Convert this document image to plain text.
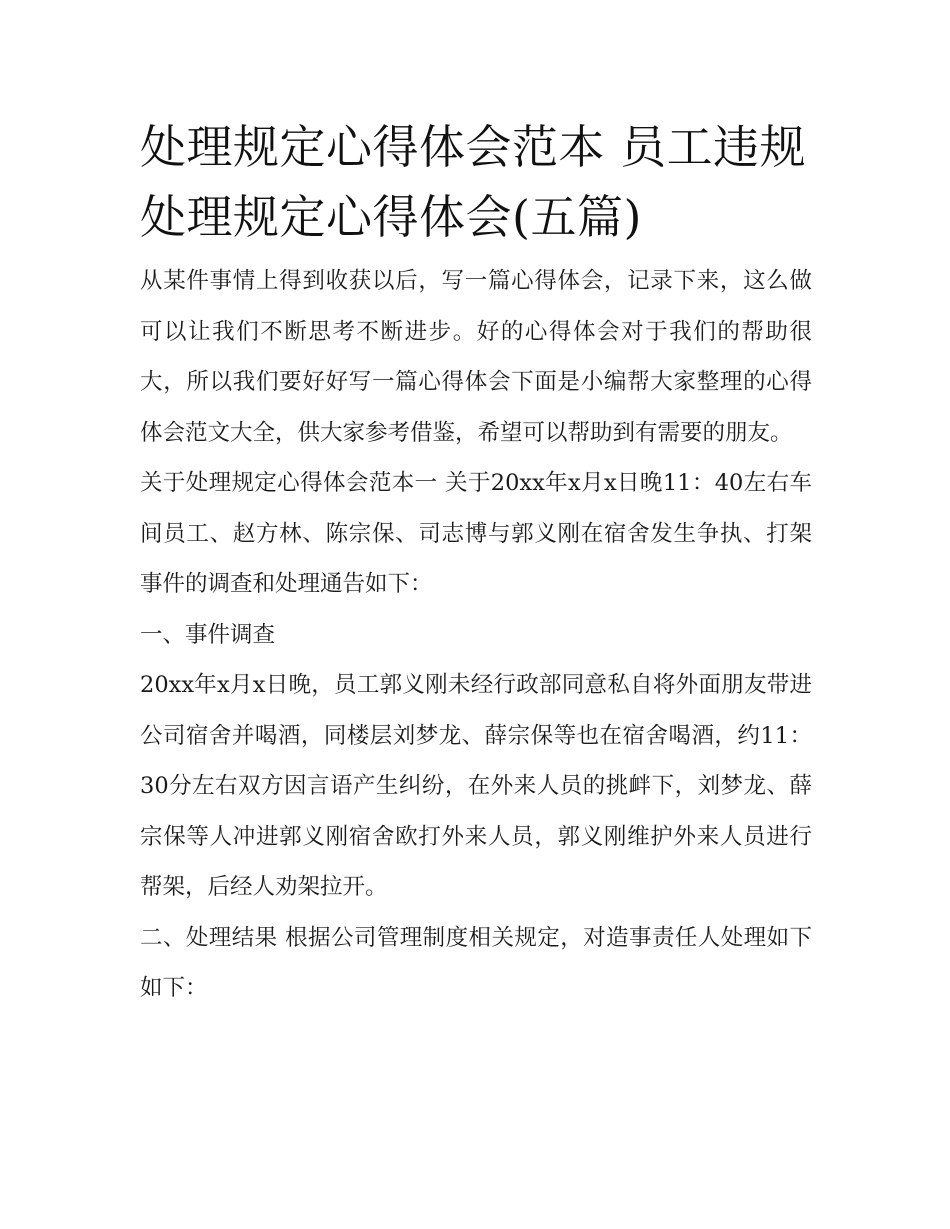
处理规定心得体会范本 员工违规处理规定心得体会(五篇)

从某件事情上得到收获以后，写一篇心得体会，记录下来，这么做可以让我们不断思考不断进步。好的心得体会对于我们的帮助很大，所以我们要好好写一篇心得体会下面是小编帮大家整理的心得体会范文大全，供大家参考借鉴，希望可以帮助到有需要的朋友。

关于处理规定心得体会范本一 关于20xx年x月x日晚11：40左右车间员工、赵方林、陈宗保、司志博与郭义刚在宿舍发生争执、打架事件的调查和处理通告如下：

一、事件调查

20xx年x月x日晚，员工郭义刚未经行政部同意私自将外面朋友带进公司宿舍并喝酒，同楼层刘梦龙、薛宗保等也在宿舍喝酒，约11：30分左右双方因言语产生纠纷，在外来人员的挑衅下，刘梦龙、薛宗保等人冲进郭义刚宿舍欧打外来人员，郭义刚维护外来人员进行帮架，后经人劝架拉开。

二、处理结果 根据公司管理制度相关规定，对造事责任人处理如下如下：
